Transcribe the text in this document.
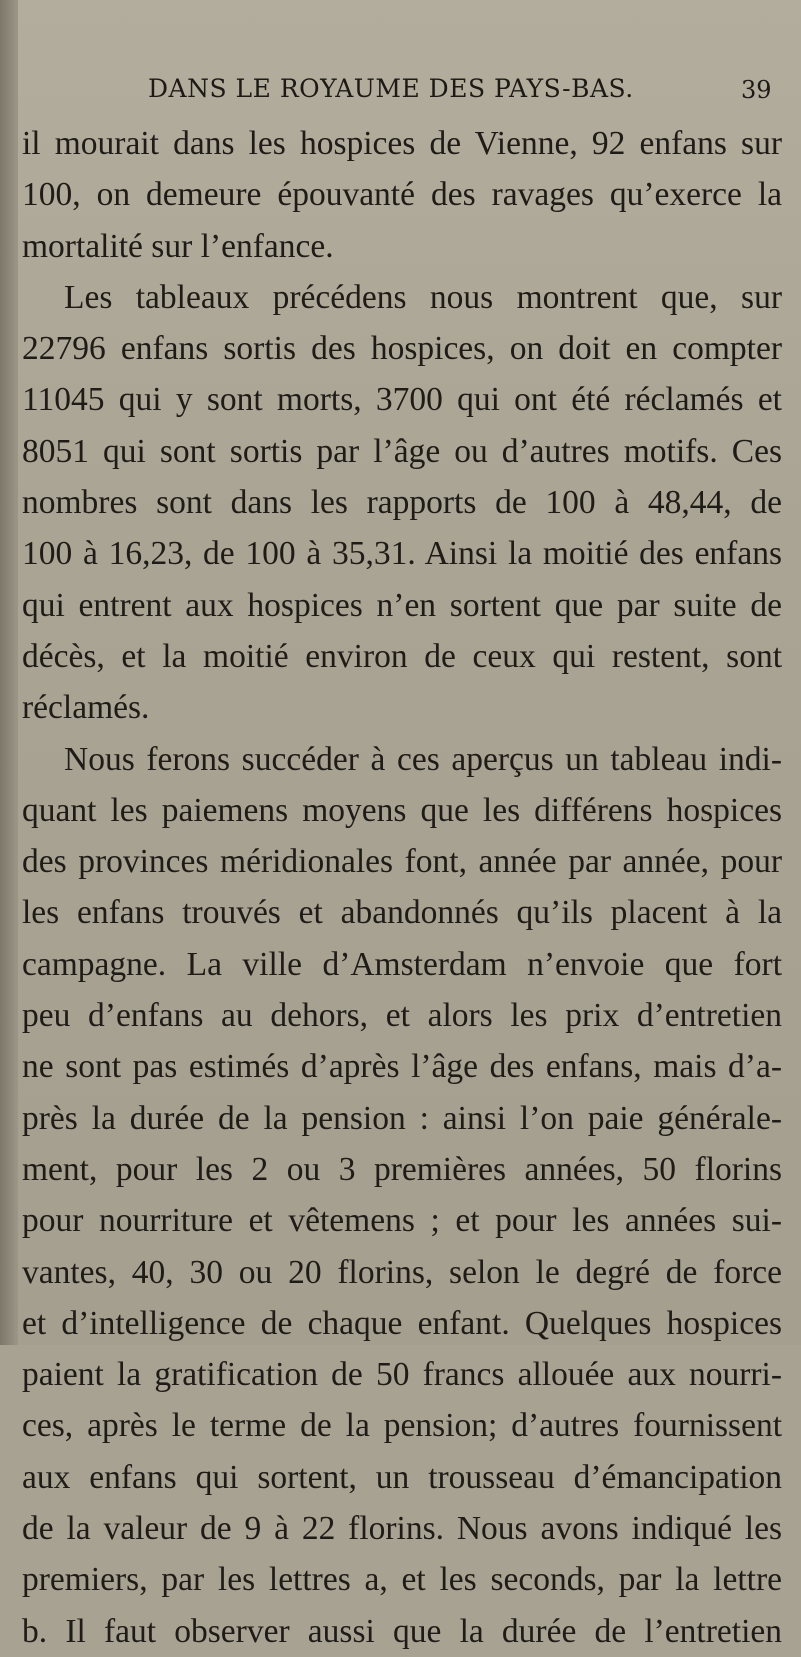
DANS LE ROYAUME DES PAYS-BAS.	39
il mourait dans les hospices de Vienne, 92 enfans sur
100, on demeure épouvanté des ravages qu’exerce la
mortalité sur l’enfance.
Les tableaux précédens nous montrent que, sur
22796 enfans sortis des hospices, on doit en compter
11045 qui y sont morts, 3700 qui ont été réclamés et
8051 qui sont sortis par l’âge ou d’autres motifs. Ces
nombres sont dans les rapports de 100 à 48,44, de
100 à 16,23, de 100 à 35,31. Ainsi la moitié des enfans
qui entrent aux hospices n’en sortent que par suite de
décès, et la moitié environ de ceux qui restent, sont
réclamés.
Nous ferons succéder à ces aperçus un tableau indi-
quant les paiemens moyens que les différens hospices
des provinces méridionales font, année par année, pour
les enfans trouvés et abandonnés qu’ils placent à la
campagne. La ville d’Amsterdam n’envoie que fort
peu d’enfans au dehors, et alors les prix d’entretien
ne sont pas estimés d’après l’âge des enfans, mais d’a-
près la durée de la pension : ainsi l’on paie générale-
ment, pour les 2 ou 3 premières années, 50 florins
pour nourriture et vêtemens ; et pour les années sui-
vantes, 40, 30 ou 20 florins, selon le degré de force
et d’intelligence de chaque enfant. Quelques hospices
paient la gratification de 50 francs allouée aux nourri-
ces, après le terme de la pension; d’autres fournissent
aux enfans qui sortent, un trousseau d’émancipation
de la valeur de 9 à 22 florins. Nous avons indiqué les
premiers, par les lettres a, et les seconds, par la lettre
b. Il faut observer aussi que la durée de l’entretien
